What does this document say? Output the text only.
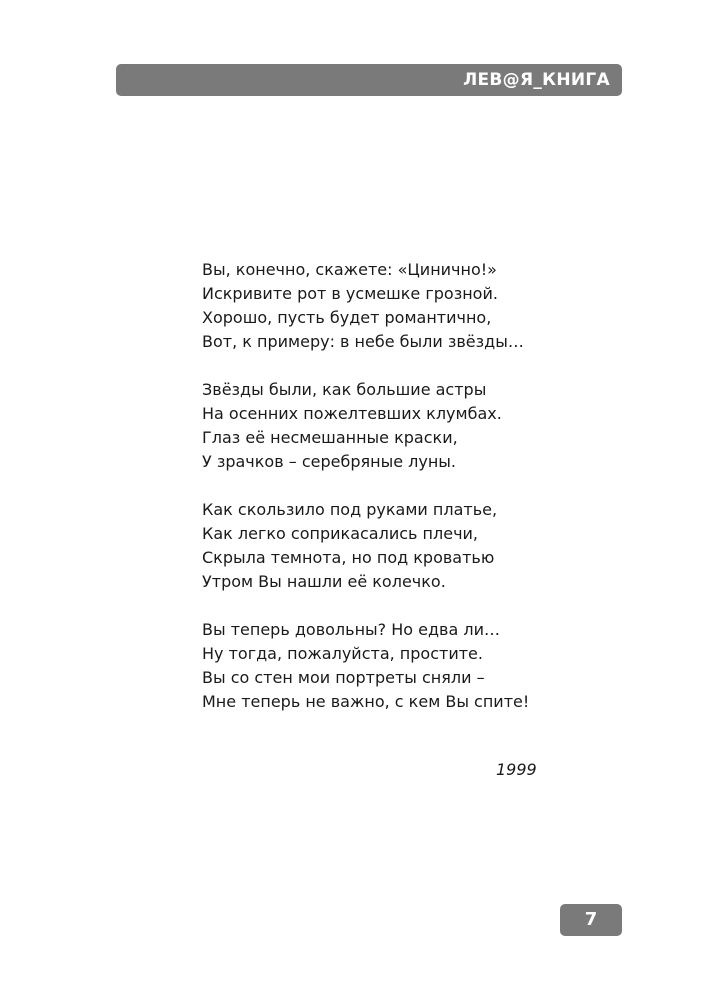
ЛЕВ@Я_КНИГА
Вы, конечно, скажете: «Цинично!»
Искривите рот в усмешке грозной.
Хорошо, пусть будет романтично,
Вот, к примеру: в небе были звёзды…
Звёзды были, как большие астры
На осенних пожелтевших клумбах.
Глаз её несмешанные краски,
У зрачков – серебряные луны.
Как скользило под руками платье,
Как легко соприкасались плечи,
Скрыла темнота, но под кроватью
Утром Вы нашли её колечко.
Вы теперь довольны? Но едва ли…
Ну тогда, пожалуйста, простите.
Вы со стен мои портреты сняли –
Мне теперь не важно, с кем Вы спите!
1999
7
